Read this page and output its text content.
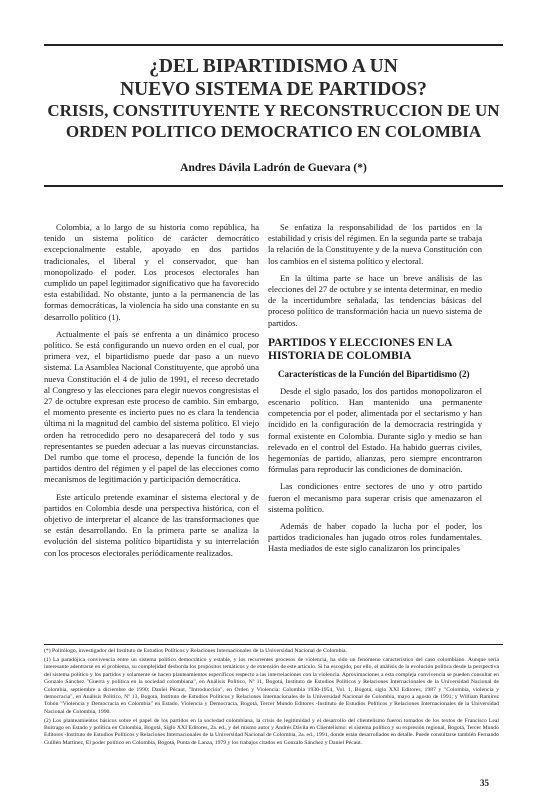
¿DEL BIPARTIDISMO A UN
NUEVO SISTEMA DE PARTIDOS?
CRISIS, CONSTITUYENTE Y RECONSTRUCCION DE UN
ORDEN POLITICO DEMOCRATICO EN COLOMBIA
Andres Dávila Ladrón de Guevara (*)

Colombia, a lo largo de su historia como república, ha tenido un sistema político de carácter democrático excepcionalmente estable, apoyado en dos partidos tradicionales, el liberal y el conservador, que han monopolizado el poder. Los procesos electorales han cumplido un papel legitimador significativo que ha favorecido esta estabilidad. No obstante, junto a la permanencia de las formas democráticas, la violencia ha sido una constante en su desarrollo político (1).

Actualmente el país se enfrenta a un dinámico proceso político. Se está configurando un nuevo orden en el cual, por primera vez, el bipartidismo puede dar paso a un nuevo sistema. La Asamblea Nacional Constituyente, que aprobó una nueva Constitución el 4 de julio de 1991, el receso decretado al Congreso y las elecciones para elegir nuevos congresistas el 27 de octubre expresan este proceso de cambio. Sin embargo, el momento presente es incierto pues no es clara la tendencia última ni la magnitud del cambio del sistema político. El viejo orden ha retrocedido pero no desaparecerá del todo y sus representantes se pueden adecuar a las nuevas circunstancias. Del rumbo que tome el proceso, depende la función de los partidos dentro del régimen y el papel de las elecciones como mecanismos de legitimación y participación democrática.

Este artículo pretende examinar el sistema electoral y de partidos en Colombia desde una perspectiva histórica, con el objetivo de interpretar el alcance de las transformaciones que se están desarrollando. En la primera parte se analiza la evolución del sistema político bipartidista y su interrelación con los procesos electorales periódicamente realizados.

Se enfatiza la responsabilidad de los partidos en la estabilidad y crisis del régimen. En la segunda parte se trabaja la relación de la Constituyente y de la nueva Constitución con los cambios en el sistema político y electoral.

En la última parte se hace un breve análisis de las elecciones del 27 de octubre y se intenta determinar, en medio de la incertidumbre señalada, las tendencias básicas del proceso político de transformación hacia un nuevo sistema de partidos.

PARTIDOS Y ELECCIONES EN LA HISTORIA DE COLOMBIA
Características de la Función del Bipartidismo (2)

Desde el siglo pasado, los dos partidos monopolizaron el escenario político. Han mantenido una permanente competencia por el poder, alimentada por el sectarismo y han incidido en la configuración de la democracia restringida y formal existente en Colombia. Durante siglo y medio se han relevado en el control del Estado. Ha habido guerras civiles, hegemonías de partido, alianzas, pero siempre encontraron fórmulas para reproducir las condiciones de dominación.

Las condiciones entre sectores de uno y otro partido fueron el mecanismo para superar crisis que amenazaron el sistema político.

Además de haber copado la lucha por el poder, los partidos tradicionales han jugado otros roles fundamentales. Hasta mediados de este siglo canalizaron los principales

(*) Politólogo, investigador del Instituto de Estudios Políticos y Relaciones Internacionales de la Universidad Nacional de Colombia.

(1) La paradójica convivencia entre un sistema político democrático y estable, y los recurrentes procesos de violencia, ha sido un fenómeno característico del caso colombiano. Aunque sería interesante adentrarse en el problema, su complejidad desborda los propósitos temáticos y de extensión de este artículo. Si ha escogido, por ello, el análisis de la evolución política desde la perspectiva del sistema político y los partidos y solamente se hacen planteamientos específicos respecto a las interrelaciones con la violencia. Aproximaciones a esta compleja convivencia se pueden consultar en Gonzalo Sánchez "Guerra y política en la sociedad colombiana", en Análisis Político, Nº 11, Bogotá, Instituto de Estudios Políticos y Relaciones Internacionales de la Universidad Nacional de Colombia, septiembre a diciembre de 1990; Daniel Pécaut, "Introducción", en Orden y Violencia: Colombia 1930-1954, Vol. 1, Bogotá, siglo XXI Editores, 1987 y "Colombia, violencia y democracia", en Análisis Político, Nº 13, Bogotá, Instituto de Estudios Políticos y Relaciones Internacionales de la Universidad Nacional de Colombia, mayo a agosto de 1991; y William Ramírez Tobón "Violencia y Democracia en Colombia" en Estado, Violencia y Democracia, Bogotá, Tercer Mundo Editores -Instituto de Estudios Políticos y Relaciones Internacionales de la Universidad Nacional de Colombia, 1990.

(2) Los planteamientos básicos sobre el papel de los partidos en la sociedad colombiana, la crisis de legitimidad y el desarrollo del clientelismo fueron tomados de los textos de Francisco Leal Buitrago en Estado y política en Colombia, Bogotá, Siglo XXI Editores, 2a. ed., y del mismo autor y Andrés Dávila en Clientelismo: el sistema político y su expresión regional, Bogotá, Tercer Mundo Editores -Instituto de Estudios Políticos y Relaciones Internacionales de la Universidad Nacional de Colombia, 2a. ed., 1991, donde están desarrollados en detalle. Puede consultarse también Fernando Guillén Martínez, El poder político en Colombia, Bogotá, Punta de Lanza, 1979 y los trabajos citados en Gonzalo Sánchez y Daniel Pécaut.

35
